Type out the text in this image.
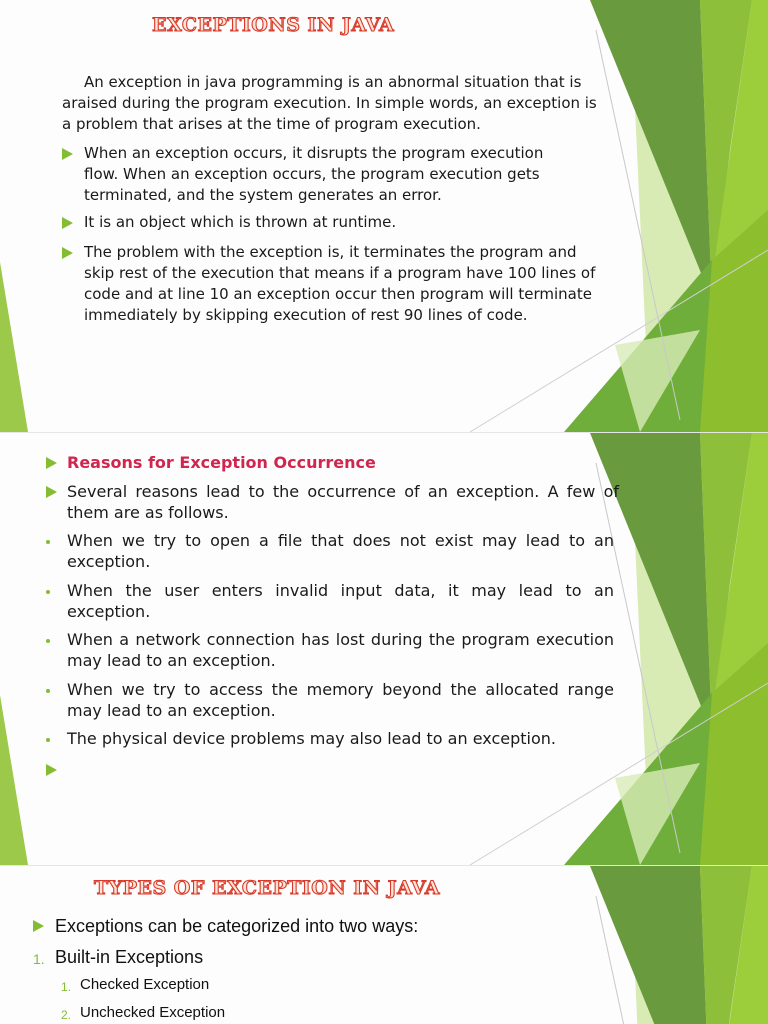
EXCEPTIONS IN JAVA
An exception in java programming is an abnormal situation that is araised during the program execution. In simple words, an exception is a problem that arises at the time of program execution.
When an exception occurs, it disrupts the program execution flow. When an exception occurs, the program execution gets terminated, and the system generates an error.
It is an object which is thrown at runtime.
The problem with the exception is, it terminates the program and skip rest of the execution that means if a program have 100 lines of code and at line 10 an exception occur then program will terminate immediately by skipping execution of rest 90 lines of code.
Reasons for Exception Occurrence
Several reasons lead to the occurrence of an exception. A few of them are as follows.
When we try to open a file that does not exist may lead to an exception.
When the user enters invalid input data, it may lead to an exception.
When a network connection has lost during the program execution may lead to an exception.
When we try to access the memory beyond the allocated range may lead to an exception.
The physical device problems may also lead to an exception.
TYPES OF EXCEPTION IN JAVA
Exceptions can be categorized into two ways:
1. Built-in Exceptions
1. Checked Exception
2. Unchecked Exception
